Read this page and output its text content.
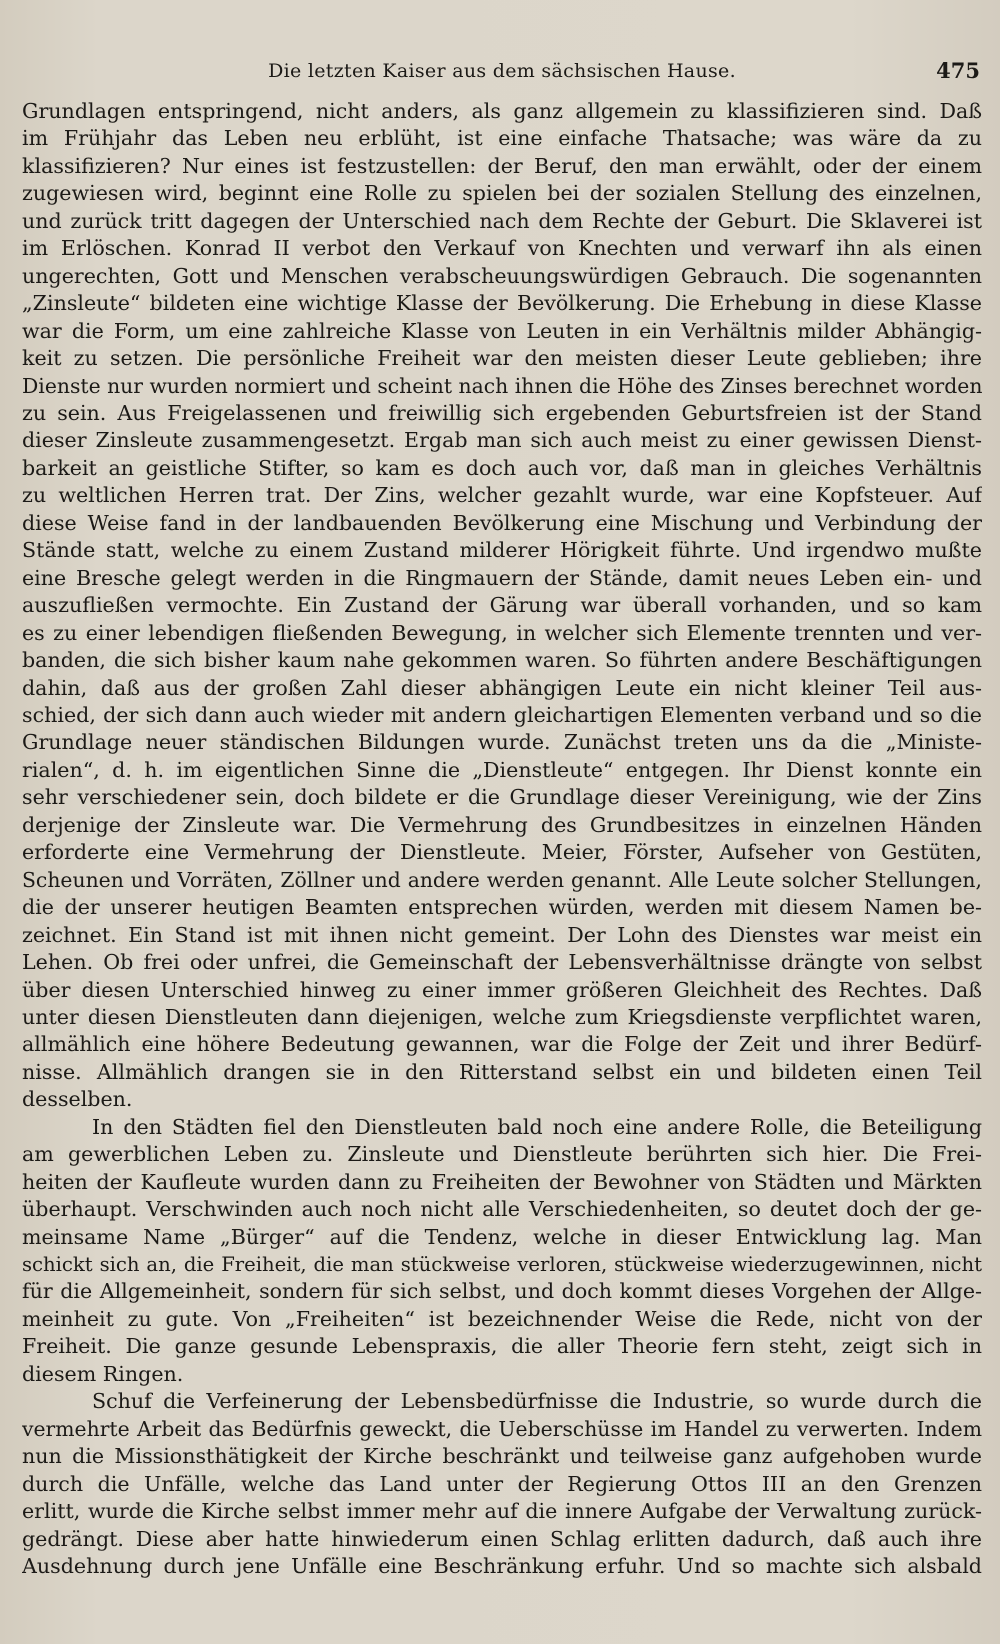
Die letzten Kaiser aus dem sächsischen Hause.	475
Grundlagen entspringend, nicht anders, als ganz allgemein zu klassifizieren sind. Daß
im Frühjahr das Leben neu erblüht, ist eine einfache Thatsache; was wäre da zu
klassifizieren? Nur eines ist festzustellen: der Beruf, den man erwählt, oder der einem
zugewiesen wird, beginnt eine Rolle zu spielen bei der sozialen Stellung des einzelnen,
und zurück tritt dagegen der Unterschied nach dem Rechte der Geburt. Die Sklaverei ist
im Erlöschen. Konrad II verbot den Verkauf von Knechten und verwarf ihn als einen
ungerechten, Gott und Menschen verabscheuungswürdigen Gebrauch. Die sogenannten
„Zinsleute“ bildeten eine wichtige Klasse der Bevölkerung. Die Erhebung in diese Klasse
war die Form, um eine zahlreiche Klasse von Leuten in ein Verhältnis milder Abhängig-
keit zu setzen. Die persönliche Freiheit war den meisten dieser Leute geblieben; ihre
Dienste nur wurden normiert und scheint nach ihnen die Höhe des Zinses berechnet worden
zu sein. Aus Freigelassenen und freiwillig sich ergebenden Geburtsfreien ist der Stand
dieser Zinsleute zusammengesetzt. Ergab man sich auch meist zu einer gewissen Dienst-
barkeit an geistliche Stifter, so kam es doch auch vor, daß man in gleiches Verhältnis
zu weltlichen Herren trat. Der Zins, welcher gezahlt wurde, war eine Kopfsteuer. Auf
diese Weise fand in der landbauenden Bevölkerung eine Mischung und Verbindung der
Stände statt, welche zu einem Zustand milderer Hörigkeit führte. Und irgendwo mußte
eine Bresche gelegt werden in die Ringmauern der Stände, damit neues Leben ein- und
auszufließen vermochte. Ein Zustand der Gärung war überall vorhanden, und so kam
es zu einer lebendigen fließenden Bewegung, in welcher sich Elemente trennten und ver-
banden, die sich bisher kaum nahe gekommen waren. So führten andere Beschäftigungen
dahin, daß aus der großen Zahl dieser abhängigen Leute ein nicht kleiner Teil aus-
schied, der sich dann auch wieder mit andern gleichartigen Elementen verband und so die
Grundlage neuer ständischen Bildungen wurde. Zunächst treten uns da die „Ministe-
rialen“, d. h. im eigentlichen Sinne die „Dienstleute“ entgegen. Ihr Dienst konnte ein
sehr verschiedener sein, doch bildete er die Grundlage dieser Vereinigung, wie der Zins
derjenige der Zinsleute war. Die Vermehrung des Grundbesitzes in einzelnen Händen
erforderte eine Vermehrung der Dienstleute. Meier, Förster, Aufseher von Gestüten,
Scheunen und Vorräten, Zöllner und andere werden genannt. Alle Leute solcher Stellungen,
die der unserer heutigen Beamten entsprechen würden, werden mit diesem Namen be-
zeichnet. Ein Stand ist mit ihnen nicht gemeint. Der Lohn des Dienstes war meist ein
Lehen. Ob frei oder unfrei, die Gemeinschaft der Lebensverhältnisse drängte von selbst
über diesen Unterschied hinweg zu einer immer größeren Gleichheit des Rechtes. Daß
unter diesen Dienstleuten dann diejenigen, welche zum Kriegsdienste verpflichtet waren,
allmählich eine höhere Bedeutung gewannen, war die Folge der Zeit und ihrer Bedürf-
nisse. Allmählich drangen sie in den Ritterstand selbst ein und bildeten einen Teil
desselben.
In den Städten fiel den Dienstleuten bald noch eine andere Rolle, die Beteiligung
am gewerblichen Leben zu. Zinsleute und Dienstleute berührten sich hier. Die Frei-
heiten der Kaufleute wurden dann zu Freiheiten der Bewohner von Städten und Märkten
überhaupt. Verschwinden auch noch nicht alle Verschiedenheiten, so deutet doch der ge-
meinsame Name „Bürger“ auf die Tendenz, welche in dieser Entwicklung lag. Man
schickt sich an, die Freiheit, die man stückweise verloren, stückweise wiederzugewinnen, nicht
für die Allgemeinheit, sondern für sich selbst, und doch kommt dieses Vorgehen der Allge-
meinheit zu gute. Von „Freiheiten“ ist bezeichnender Weise die Rede, nicht von der
Freiheit. Die ganze gesunde Lebenspraxis, die aller Theorie fern steht, zeigt sich in
diesem Ringen.
Schuf die Verfeinerung der Lebensbedürfnisse die Industrie, so wurde durch die
vermehrte Arbeit das Bedürfnis geweckt, die Ueberschüsse im Handel zu verwerten. Indem
nun die Missionsthätigkeit der Kirche beschränkt und teilweise ganz aufgehoben wurde
durch die Unfälle, welche das Land unter der Regierung Ottos III an den Grenzen
erlitt, wurde die Kirche selbst immer mehr auf die innere Aufgabe der Verwaltung zurück-
gedrängt. Diese aber hatte hinwiederum einen Schlag erlitten dadurch, daß auch ihre
Ausdehnung durch jene Unfälle eine Beschränkung erfuhr. Und so machte sich alsbald
